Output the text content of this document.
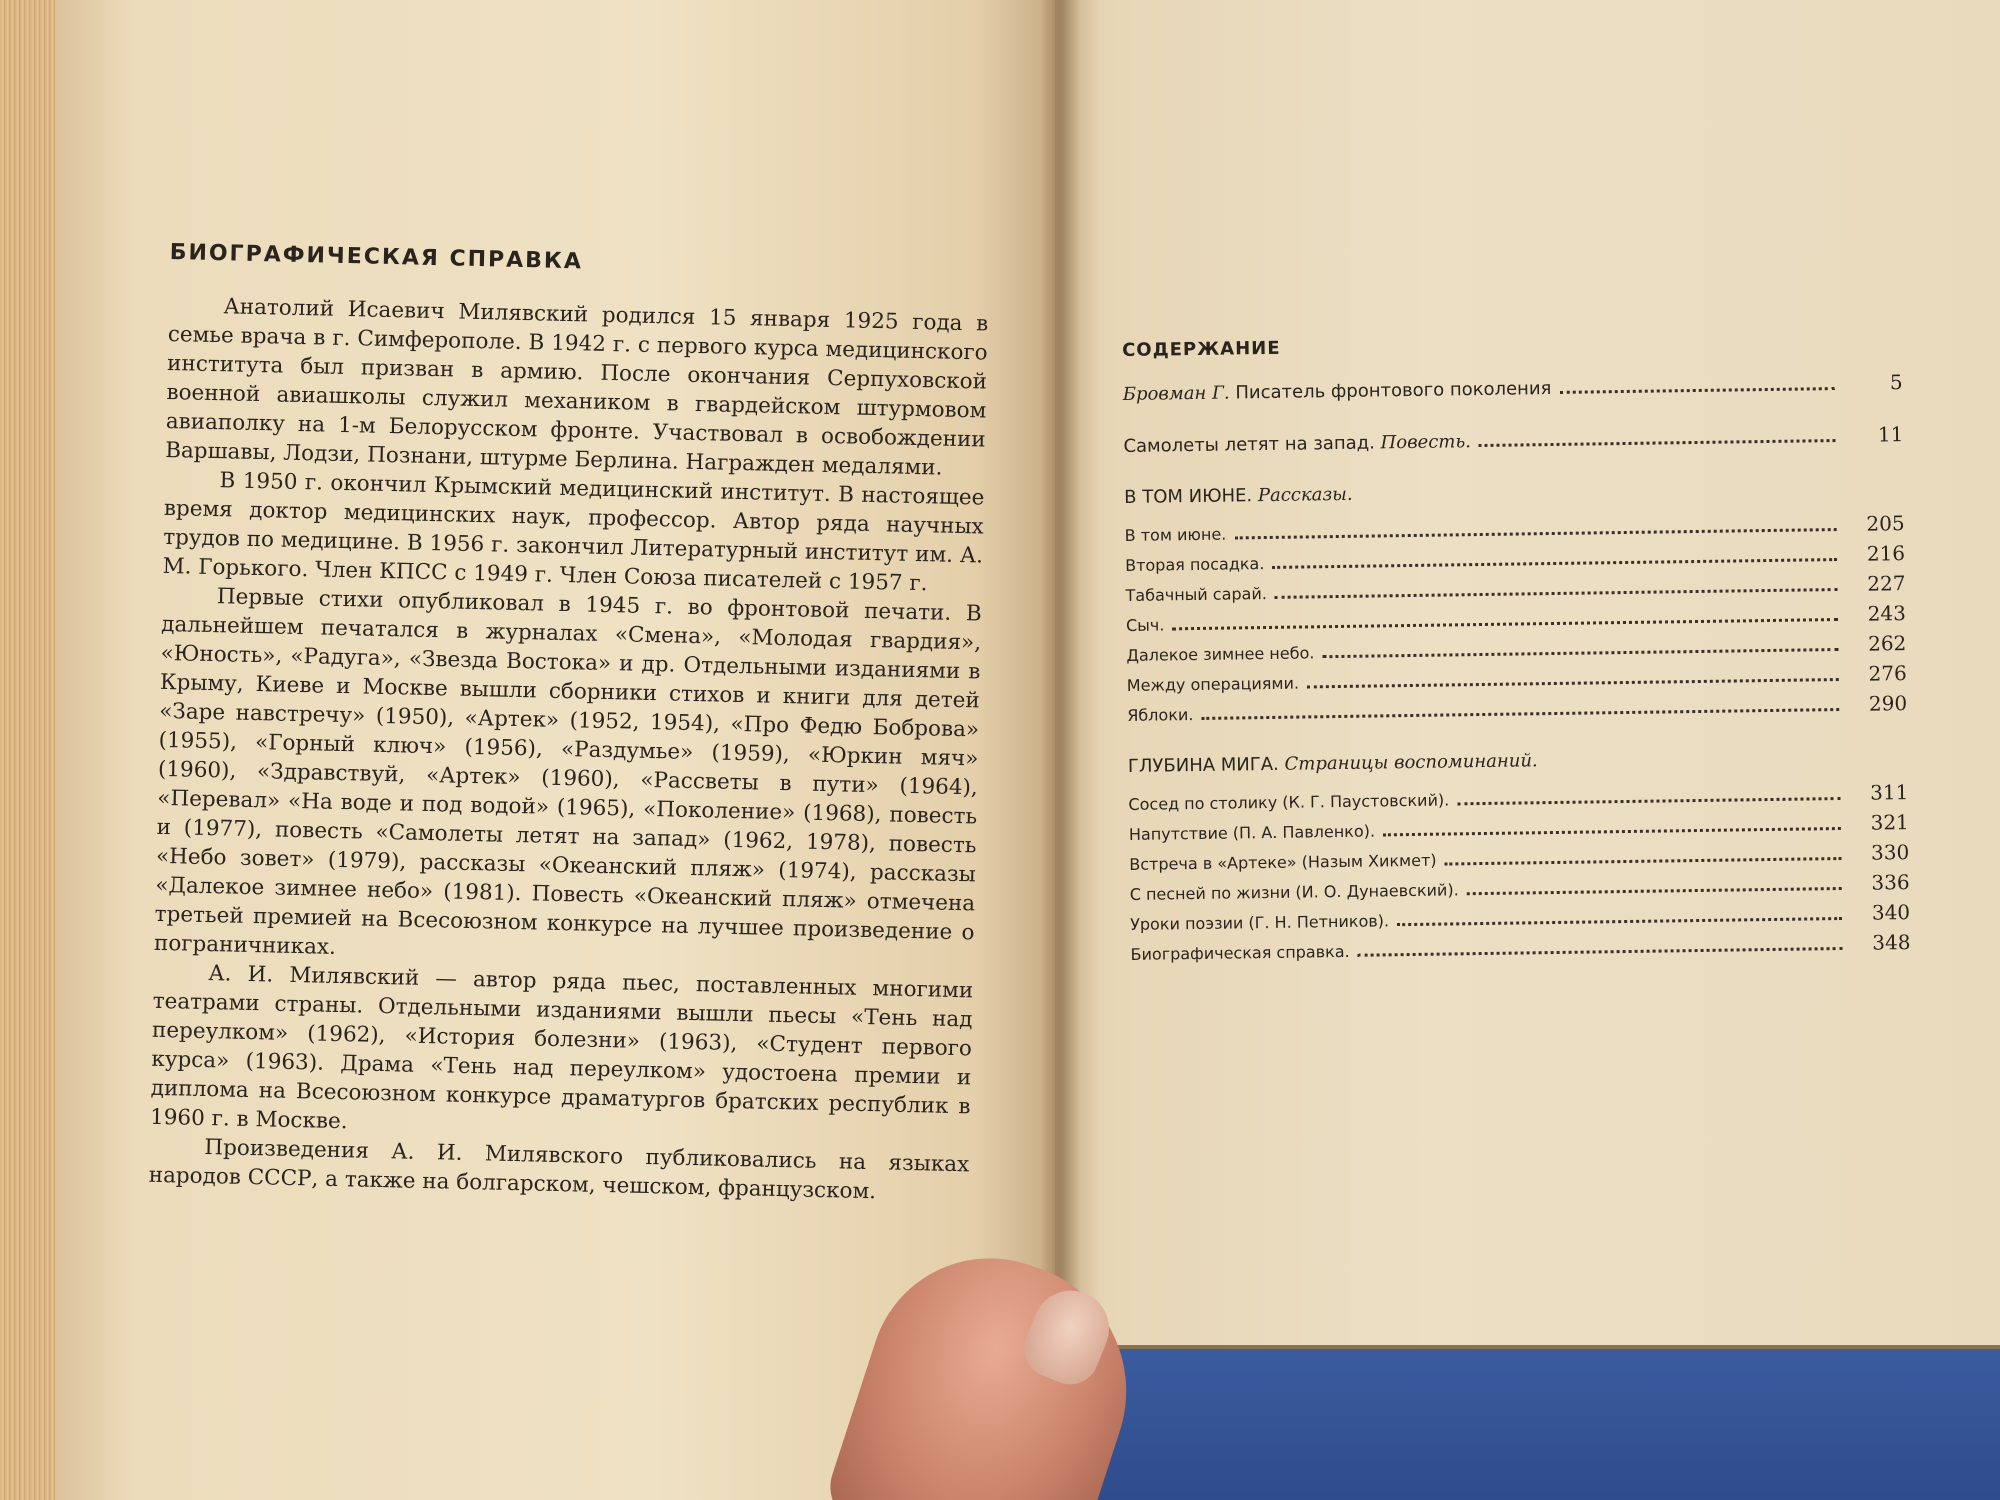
БИОГРАФИЧЕСКАЯ СПРАВКА

Анатолий Исаевич Милявский родился 15 января 1925 года в семье врача в г. Симферополе. В 1942 г. с первого курса медицинского института был призван в армию. После окончания Серпуховской военной авиашколы служил механиком в гвардейском штурмовом авиаполку на 1-м Белорусском фронте. Участвовал в освобождении Варшавы, Лодзи, Познани, штурме Берлина. Награжден медалями.

В 1950 г. окончил Крымский медицинский институт. В настоящее время доктор медицинских наук, профессор. Автор ряда научных трудов по медицине. В 1956 г. закончил Литературный институт им. А. М. Горького. Член КПСС с 1949 г. Член Союза писателей с 1957 г.

Первые стихи опубликовал в 1945 г. во фронтовой печати. В дальнейшем печатался в журналах «Смена», «Молодая гвардия», «Юность», «Радуга», «Звезда Востока» и др. Отдельными изданиями в Крыму, Киеве и Москве вышли сборники стихов и книги для детей «Заре навстречу» (1950), «Артек» (1952, 1954), «Про Федю Боброва» (1955), «Горный ключ» (1956), «Раздумье» (1959), «Юркин мяч» (1960), «Здравствуй, «Артек» (1960), «Рассветы в пути» (1964), «Перевал» «На воде и под водой» (1965), «Поколение» (1968), повесть и (1977), повесть «Самолеты летят на запад» (1962, 1978), повесть «Небо зовет» (1979), рассказы «Океанский пляж» (1974), рассказы «Далекое зимнее небо» (1981). Повесть «Океанский пляж» отмечена третьей премией на Всесоюзном конкурсе на лучшее произведение о пограничниках.

А. И. Милявский — автор ряда пьес, поставленных многими театрами страны. Отдельными изданиями вышли пьесы «Тень над переулком» (1962), «История болезни» (1963), «Студент первого курса» (1963). Драма «Тень над переулком» удостоена премии и диплома на Всесоюзном конкурсе драматургов братских республик в 1960 г. в Москве.

Произведения А. И. Милявского публиковались на языках народов СССР, а также на болгарском, чешском, французском.

СОДЕРЖАНИЕ
Бровман Г. Писатель фронтового поколения	5
Самолеты летят на запад. Повесть.	11
В ТОМ ИЮНЕ. Рассказы.
В том июне.	205
Вторая посадка.	216
Табачный сарай.	227
Сыч.	243
Далекое зимнее небо.	262
Между операциями.	276
Яблоки.	290
ГЛУБИНА МИГА. Страницы воспоминаний.
Сосед по столику (К. Г. Паустовский).	311
Напутствие (П. А. Павленко).	321
Встреча в «Артеке» (Назым Хикмет)	330
С песней по жизни (И. О. Дунаевский).	336
Уроки поэзии (Г. Н. Петников).	340
Биографическая справка.	348
